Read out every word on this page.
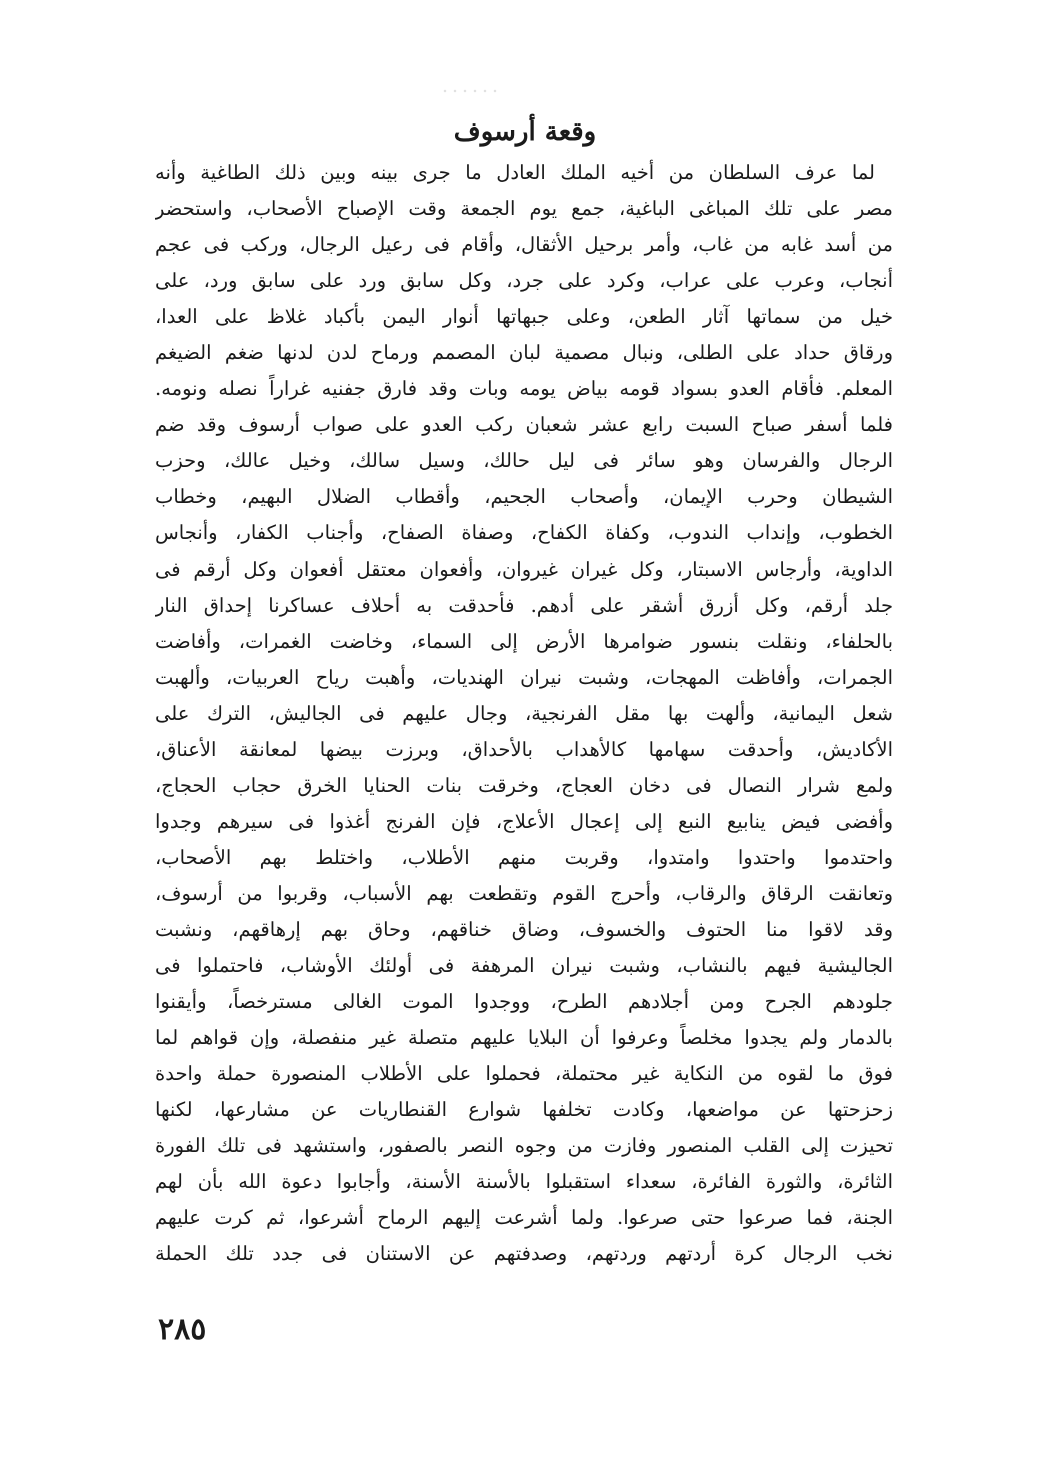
وقعة أرسوف
لما عرف السلطان من أخيه الملك العادل ما جرى بينه وبين ذلك الطاغية وأنه
مصر على تلك المباغى الباغية، جمع يوم الجمعة وقت الإصباح الأصحاب، واستحضر
من أسد غابه من غاب، وأمر برحيل الأثقال، وأقام فى رعيل الرجال، وركب فى عجم
أنجاب، وعرب على عراب، وكرد على جرد، وكل سابق ورد على سابق ورد، على
خيل من سماتها آثار الطعن، وعلى جبهاتها أنوار اليمن بأكباد غلاظ على العدا،
ورقاق حداد على الطلى، ونبال مصمية لبان المصمم ورماح لدن لدنها ضغم الضيغم
المعلم. فأقام العدو بسواد قومه بياض يومه وبات وقد فارق جفنيه غراراً نصله ونومه.
فلما أسفر صباح السبت رابع عشر شعبان ركب العدو على صواب أرسوف وقد ضم
الرجال والفرسان وهو سائر فى ليل حالك، وسيل سالك، وخيل عالك، وحزب
الشيطان وحرب الإيمان، وأصحاب الجحيم، وأقطاب الضلال البهيم، وخطاب
الخطوب، وإنداب الندوب، وكفاة الكفاح، وصفاة الصفاح، وأجناب الكفار، وأنجاس
الداوية، وأرجاس الاسبتار، وكل غيران غيروان، وأفعوان معتقل أفعوان وكل أرقم فى
جلد أرقم، وكل أزرق أشقر على أدهم. فأحدقت به أحلاف عساكرنا إحداق النار
بالحلفاء، ونقلت بنسور ضوامرها الأرض إلى السماء، وخاضت الغمرات، وأفاضت
الجمرات، وأفاظت المهجات، وشبت نيران الهنديات، وأهبت رياح العربيات، وألهبت
شعل اليمانية، وألهت بها مقل الفرنجية، وجال عليهم فى الجاليش، الترك على
الأكاديش، وأحدقت سهامها كالأهداب بالأحداق، وبرزت بيضها لمعانقة الأعناق،
ولمع شرار النصال فى دخان العجاج، وخرقت بنات الحنايا الخرق حجاب الحجاج،
وأفضى فيض ينابيع النبع إلى إعجال الأعلاج، فإن الفرنج أغذوا فى سيرهم وجدوا
واحتدموا واحتدوا وامتدوا، وقربت منهم الأطلاب، واختلط بهم الأصحاب،
وتعانقت الرقاق والرقاب، وأحرج القوم وتقطعت بهم الأسباب، وقربوا من أرسوف،
وقد لاقوا منا الحتوف والخسوف، وضاق خناقهم، وحاق بهم إرهاقهم، ونشبت
الجاليشية فيهم بالنشاب، وشبت نيران المرهفة فى أولئك الأوشاب، فاحتملوا فى
جلودهم الجرح ومن أجلادهم الطرح، ووجدوا الموت الغالى مسترخصاً، وأيقنوا
بالدمار ولم يجدوا مخلصاً وعرفوا أن البلايا عليهم متصلة غير منفصلة، وإن قواهم لما
فوق ما لقوه من النكاية غير محتملة، فحملوا على الأطلاب المنصورة حملة واحدة
زحزحتها عن مواضعها، وكادت تخلفها شوارع القنطاريات عن مشارعها، لكنها
تحيزت إلى القلب المنصور وفازت من وجوه النصر بالصفور، واستشهد فى تلك الفورة
الثائرة، والثورة الفائرة، سعداء استقبلوا بالأسنة الأسنة، وأجابوا دعوة الله بأن لهم
الجنة، فما صرعوا حتى صرعوا. ولما أشرعت إليهم الرماح أشرعوا، ثم كرت عليهم
نخب الرجال كرة أردتهم وردتهم، وصدفتهم عن الاستنان فى جدد تلك الحملة
٢٨٥
